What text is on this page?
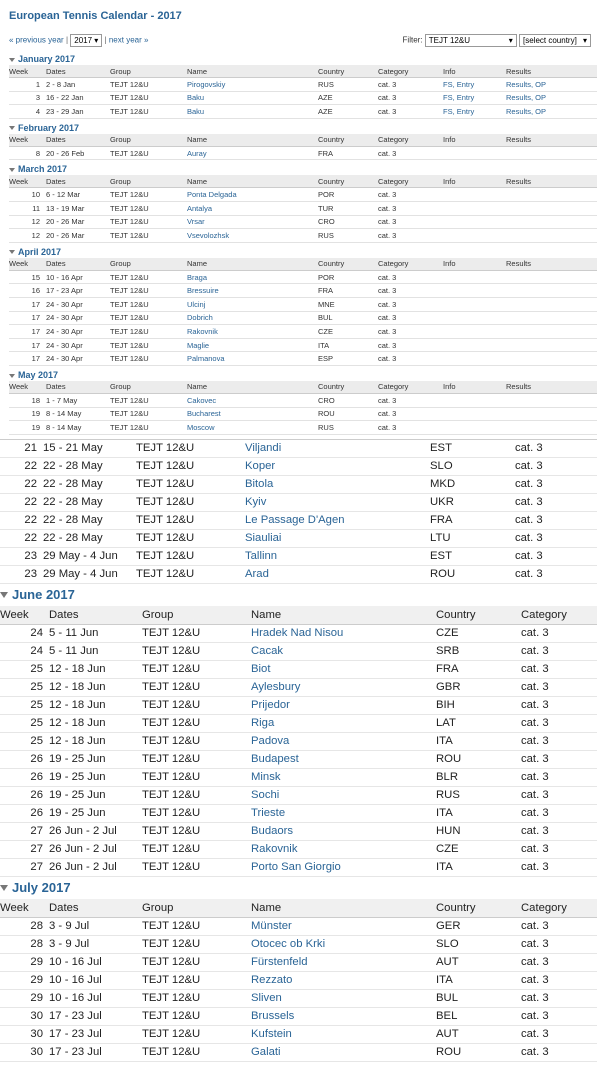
European Tennis Calendar - 2017
« previous year | 2017 ▾ | next year »	Filter: TEJT 12&U	▾ [select country] ▾
January 2017
Week	Dates	Group	Name	Country	Category	Info	Results
1	2 - 8 Jan	TEJT 12&U	Pirogovskiy	RUS	cat. 3	FS, Entry	Results, OP
3	16 - 22 Jan	TEJT 12&U	Baku	AZE	cat. 3	FS, Entry	Results, OP
4	23 - 29 Jan	TEJT 12&U	Baku	AZE	cat. 3	FS, Entry	Results, OP
February 2017
Week	Dates	Group	Name	Country	Category	Info	Results
8	20 - 26 Feb	TEJT 12&U	Auray	FRA	cat. 3		
March 2017
Week	Dates	Group	Name	Country	Category	Info	Results
10	6 - 12 Mar	TEJT 12&U	Ponta Delgada	POR	cat. 3		
11	13 - 19 Mar	TEJT 12&U	Antalya	TUR	cat. 3		
12	20 - 26 Mar	TEJT 12&U	Vrsar	CRO	cat. 3		
12	20 - 26 Mar	TEJT 12&U	Vsevolozhsk	RUS	cat. 3		
April 2017
Week	Dates	Group	Name	Country	Category	Info	Results
15	10 - 16 Apr	TEJT 12&U	Braga	POR	cat. 3		
16	17 - 23 Apr	TEJT 12&U	Bressuire	FRA	cat. 3		
17	24 - 30 Apr	TEJT 12&U	Ulcinj	MNE	cat. 3		
17	24 - 30 Apr	TEJT 12&U	Dobrich	BUL	cat. 3		
17	24 - 30 Apr	TEJT 12&U	Rakovnik	CZE	cat. 3		
17	24 - 30 Apr	TEJT 12&U	Maglie	ITA	cat. 3		
17	24 - 30 Apr	TEJT 12&U	Palmanova	ESP	cat. 3		
May 2017
Week	Dates	Group	Name	Country	Category	Info	Results
18	1 - 7 May	TEJT 12&U	Cakovec	CRO	cat. 3		
19	8 - 14 May	TEJT 12&U	Bucharest	ROU	cat. 3		
19	8 - 14 May	TEJT 12&U	Moscow	RUS	cat. 3		
21	15 - 21 May	TEJT 12&U	Viljandi	EST	cat. 3
22	22 - 28 May	TEJT 12&U	Koper	SLO	cat. 3
22	22 - 28 May	TEJT 12&U	Bitola	MKD	cat. 3
22	22 - 28 May	TEJT 12&U	Kyiv	UKR	cat. 3
22	22 - 28 May	TEJT 12&U	Le Passage D'Agen	FRA	cat. 3
22	22 - 28 May	TEJT 12&U	Siauliai	LTU	cat. 3
23	29 May - 4 Jun	TEJT 12&U	Tallinn	EST	cat. 3
23	29 May - 4 Jun	TEJT 12&U	Arad	ROU	cat. 3
June 2017
Week	Dates	Group	Name	Country	Category
24	5 - 11 Jun	TEJT 12&U	Hradek Nad Nisou	CZE	cat. 3
24	5 - 11 Jun	TEJT 12&U	Cacak	SRB	cat. 3
25	12 - 18 Jun	TEJT 12&U	Biot	FRA	cat. 3
25	12 - 18 Jun	TEJT 12&U	Aylesbury	GBR	cat. 3
25	12 - 18 Jun	TEJT 12&U	Prijedor	BIH	cat. 3
25	12 - 18 Jun	TEJT 12&U	Riga	LAT	cat. 3
25	12 - 18 Jun	TEJT 12&U	Padova	ITA	cat. 3
26	19 - 25 Jun	TEJT 12&U	Budapest	ROU	cat. 3
26	19 - 25 Jun	TEJT 12&U	Minsk	BLR	cat. 3
26	19 - 25 Jun	TEJT 12&U	Sochi	RUS	cat. 3
26	19 - 25 Jun	TEJT 12&U	Trieste	ITA	cat. 3
27	26 Jun - 2 Jul	TEJT 12&U	Budaors	HUN	cat. 3
27	26 Jun - 2 Jul	TEJT 12&U	Rakovnik	CZE	cat. 3
27	26 Jun - 2 Jul	TEJT 12&U	Porto San Giorgio	ITA	cat. 3
July 2017
Week	Dates	Group	Name	Country	Category
28	3 - 9 Jul	TEJT 12&U	Münster	GER	cat. 3
28	3 - 9 Jul	TEJT 12&U	Otocec ob Krki	SLO	cat. 3
29	10 - 16 Jul	TEJT 12&U	Fürstenfeld	AUT	cat. 3
29	10 - 16 Jul	TEJT 12&U	Rezzato	ITA	cat. 3
29	10 - 16 Jul	TEJT 12&U	Sliven	BUL	cat. 3
30	17 - 23 Jul	TEJT 12&U	Brussels	BEL	cat. 3
30	17 - 23 Jul	TEJT 12&U	Kufstein	AUT	cat. 3
30	17 - 23 Jul	TEJT 12&U	Galati	ROU	cat. 3
